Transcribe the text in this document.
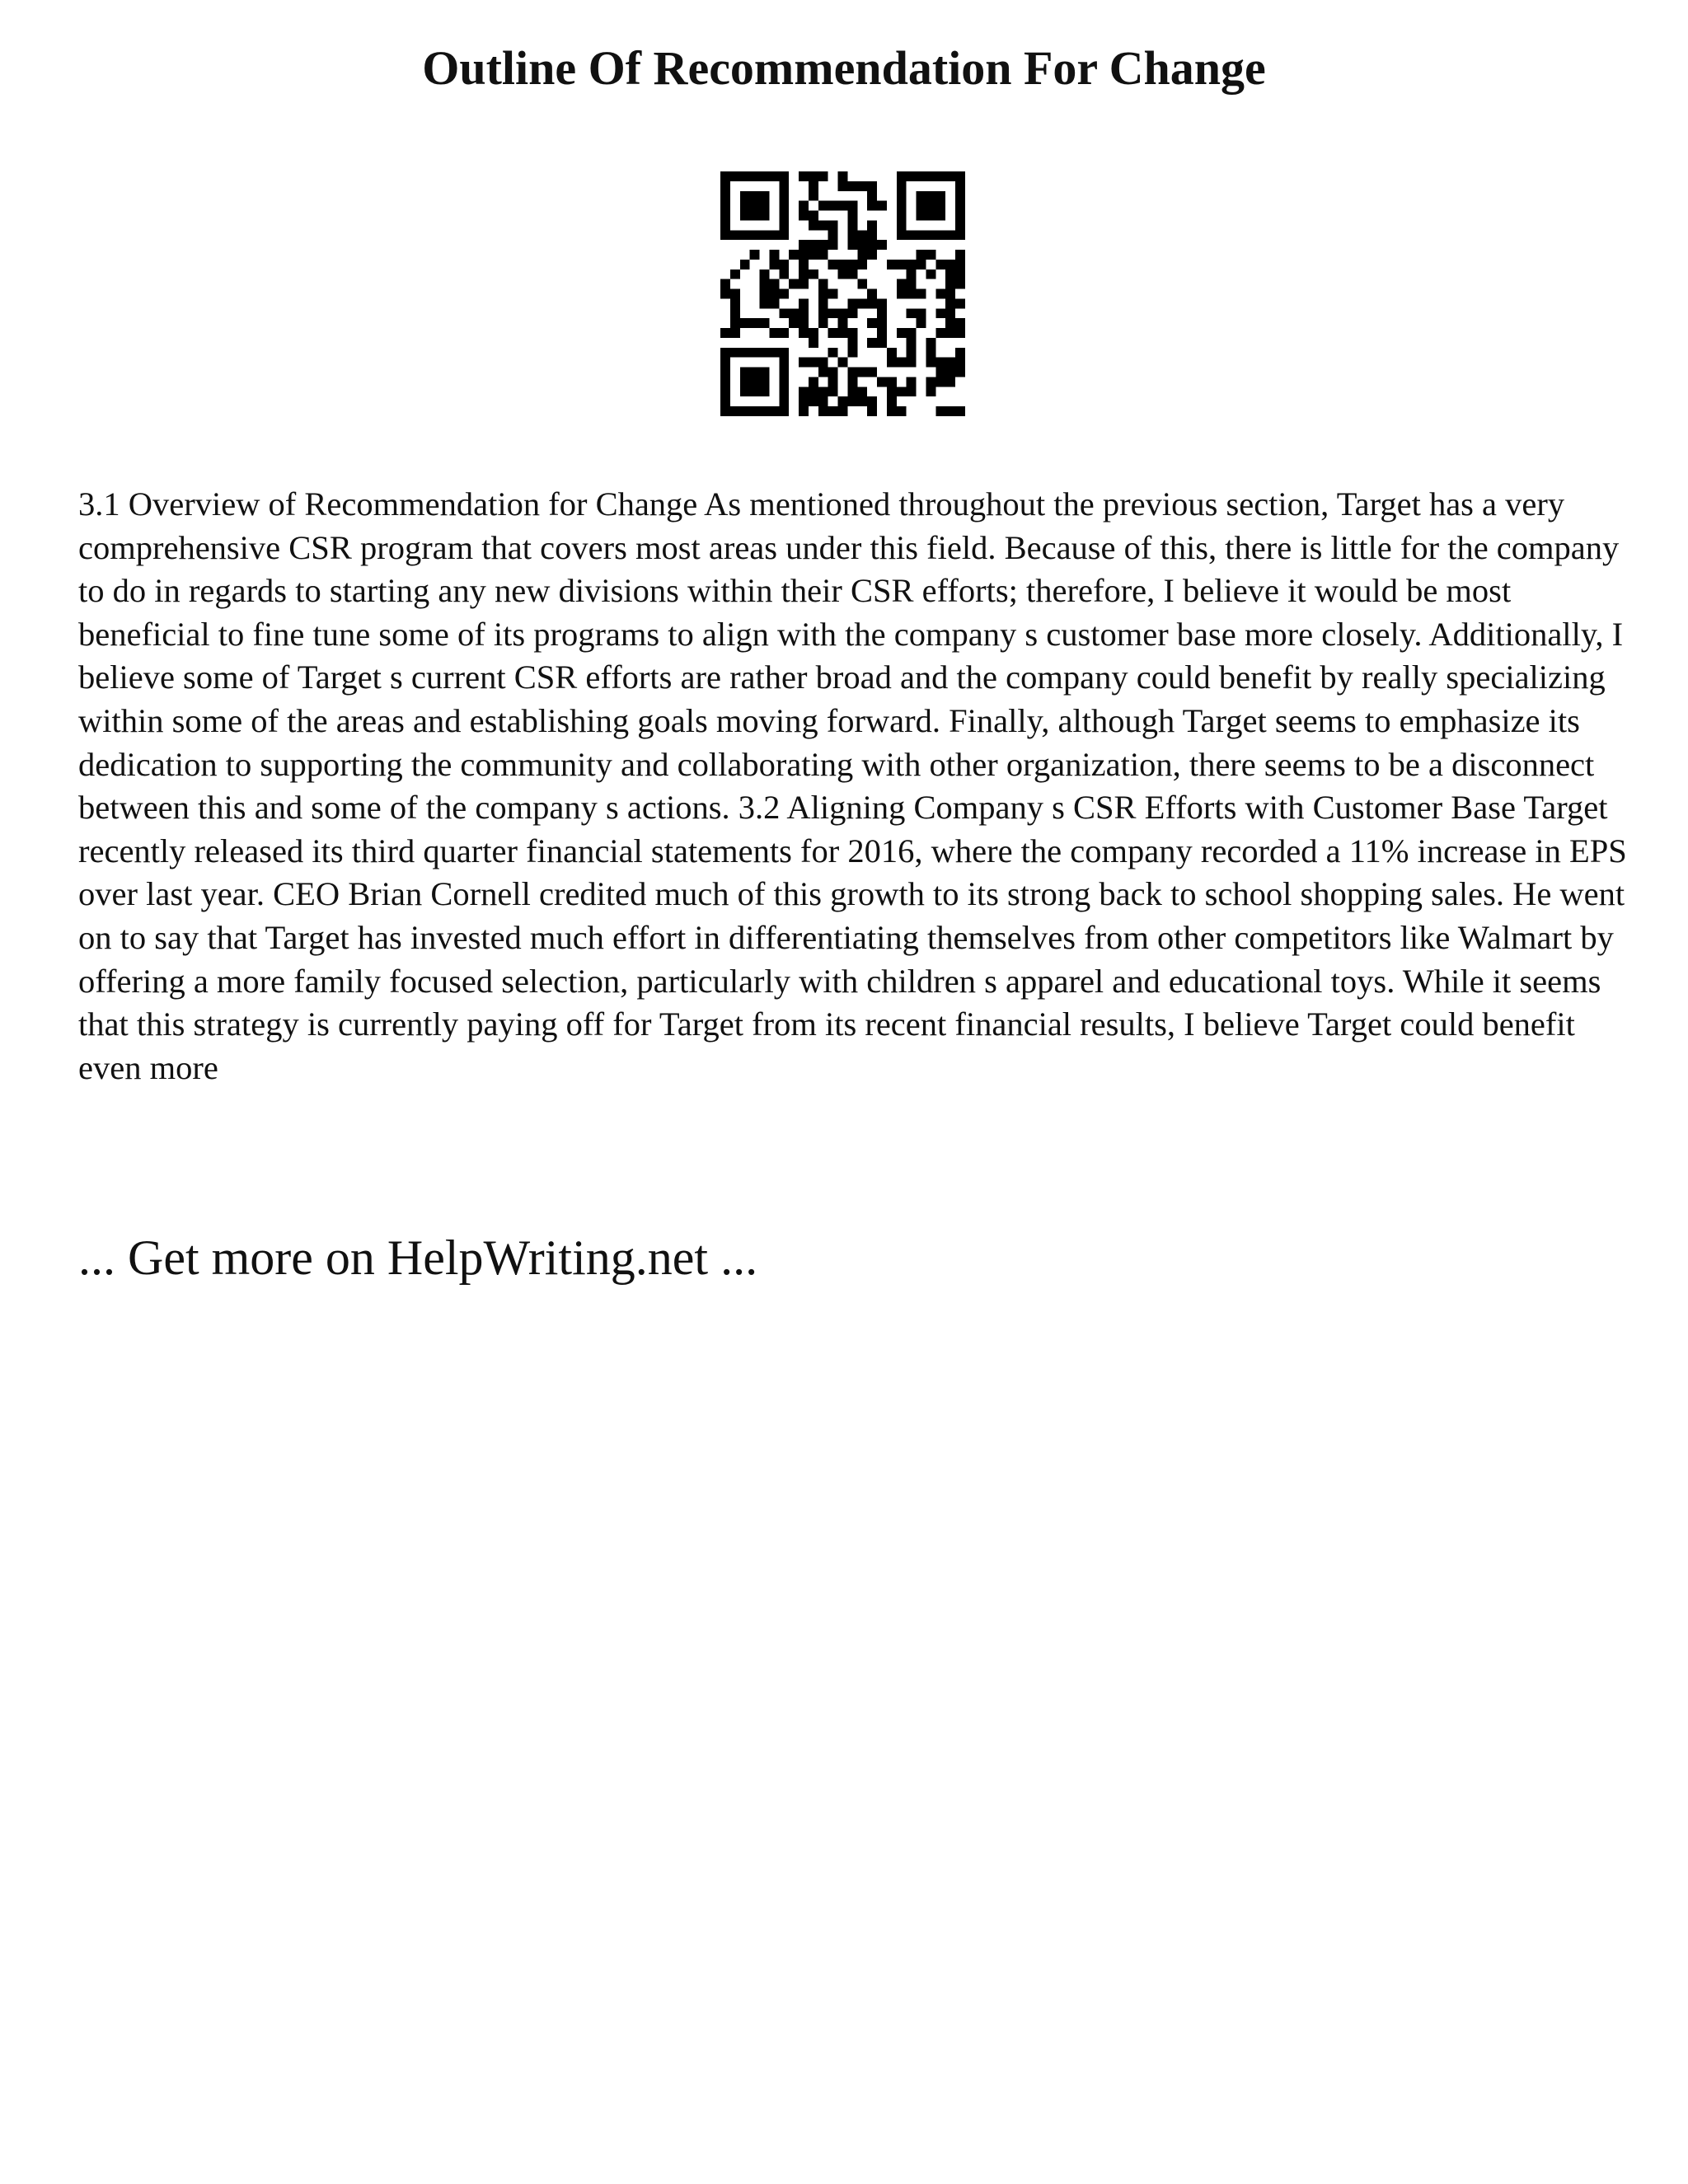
Outline Of Recommendation For Change

3.1 Overview of Recommendation for Change As mentioned throughout the previous section, Target has a very comprehensive CSR program that covers most areas under this field. Because of this, there is little for the company to do in regards to starting any new divisions within their CSR efforts; therefore, I believe it would be most beneficial to fine tune some of its programs to align with the company s customer base more closely. Additionally, I believe some of Target s current CSR efforts are rather broad and the company could benefit by really specializing within some of the areas and establishing goals moving forward. Finally, although Target seems to emphasize its dedication to supporting the community and collaborating with other organization, there seems to be a disconnect between this and some of the company s actions. 3.2 Aligning Company s CSR Efforts with Customer Base Target recently released its third quarter financial statements for 2016, where the company recorded a 11% increase in EPS over last year. CEO Brian Cornell credited much of this growth to its strong back to school shopping sales. He went on to say that Target has invested much effort in differentiating themselves from other competitors like Walmart by offering a more family focused selection, particularly with children s apparel and educational toys. While it seems that this strategy is currently paying off for Target from its recent financial results, I believe Target could benefit even more

... Get more on HelpWriting.net ...
